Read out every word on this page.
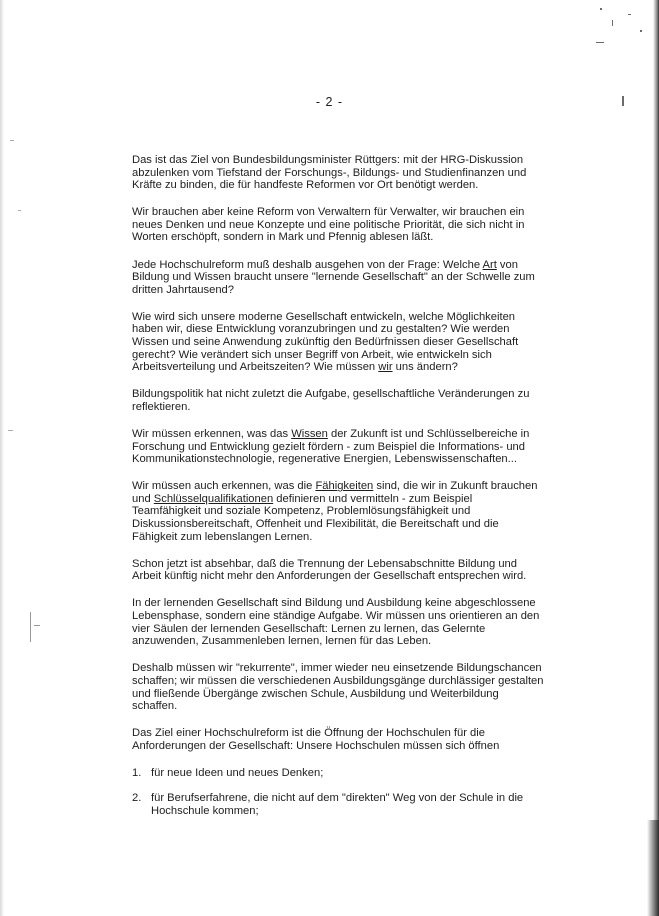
- 2 -

Das ist das Ziel von Bundesbildungsminister Rüttgers: mit der HRG-Diskussion abzulenken vom Tiefstand der Forschungs-, Bildungs- und Studienfinanzen und Kräfte zu binden, die für handfeste Reformen vor Ort benötigt werden.

Wir brauchen aber keine Reform von Verwaltern für Verwalter, wir brauchen ein neues Denken und neue Konzepte und eine politische Priorität, die sich nicht in Worten erschöpft, sondern in Mark und Pfennig ablesen läßt.

Jede Hochschulreform muß deshalb ausgehen von der Frage: Welche Art von Bildung und Wissen braucht unsere "lernende Gesellschaft" an der Schwelle zum dritten Jahrtausend?

Wie wird sich unsere moderne Gesellschaft entwickeln, welche Möglichkeiten haben wir, diese Entwicklung voranzubringen und zu gestalten? Wie werden Wissen und seine Anwendung zukünftig den Bedürfnissen dieser Gesellschaft gerecht? Wie verändert sich unser Begriff von Arbeit, wie entwickeln sich Arbeitsverteilung und Arbeitszeiten? Wie müssen wir uns ändern?

Bildungspolitik hat nicht zuletzt die Aufgabe, gesellschaftliche Veränderungen zu reflektieren.

Wir müssen erkennen, was das Wissen der Zukunft ist und Schlüsselbereiche in Forschung und Entwicklung gezielt fördern - zum Beispiel die Informations- und Kommunikationstechnologie, regenerative Energien, Lebenswissenschaften...

Wir müssen auch erkennen, was die Fähigkeiten sind, die wir in Zukunft brauchen und Schlüsselqualifikationen definieren und vermitteln - zum Beispiel Teamfähigkeit und soziale Kompetenz, Problemlösungsfähigkeit und Diskussionsbereitschaft, Offenheit und Flexibilität, die Bereitschaft und die Fähigkeit zum lebenslangen Lernen.

Schon jetzt ist absehbar, daß die Trennung der Lebensabschnitte Bildung und Arbeit künftig nicht mehr den Anforderungen der Gesellschaft entsprechen wird.

In der lernenden Gesellschaft sind Bildung und Ausbildung keine abgeschlossene Lebensphase, sondern eine ständige Aufgabe. Wir müssen uns orientieren an den vier Säulen der lernenden Gesellschaft: Lernen zu lernen, das Gelernte anzuwenden, Zusammenleben lernen, lernen für das Leben.

Deshalb müssen wir "rekurrente", immer wieder neu einsetzende Bildungschancen schaffen; wir müssen die verschiedenen Ausbildungsgänge durchlässiger gestalten und fließende Übergänge zwischen Schule, Ausbildung und Weiterbildung schaffen.

Das Ziel einer Hochschulreform ist die Öffnung der Hochschulen für die Anforderungen der Gesellschaft: Unsere Hochschulen müssen sich öffnen

1. für neue Ideen und neues Denken;
2. für Berufserfahrene, die nicht auf dem "direkten" Weg von der Schule in die Hochschule kommen;
